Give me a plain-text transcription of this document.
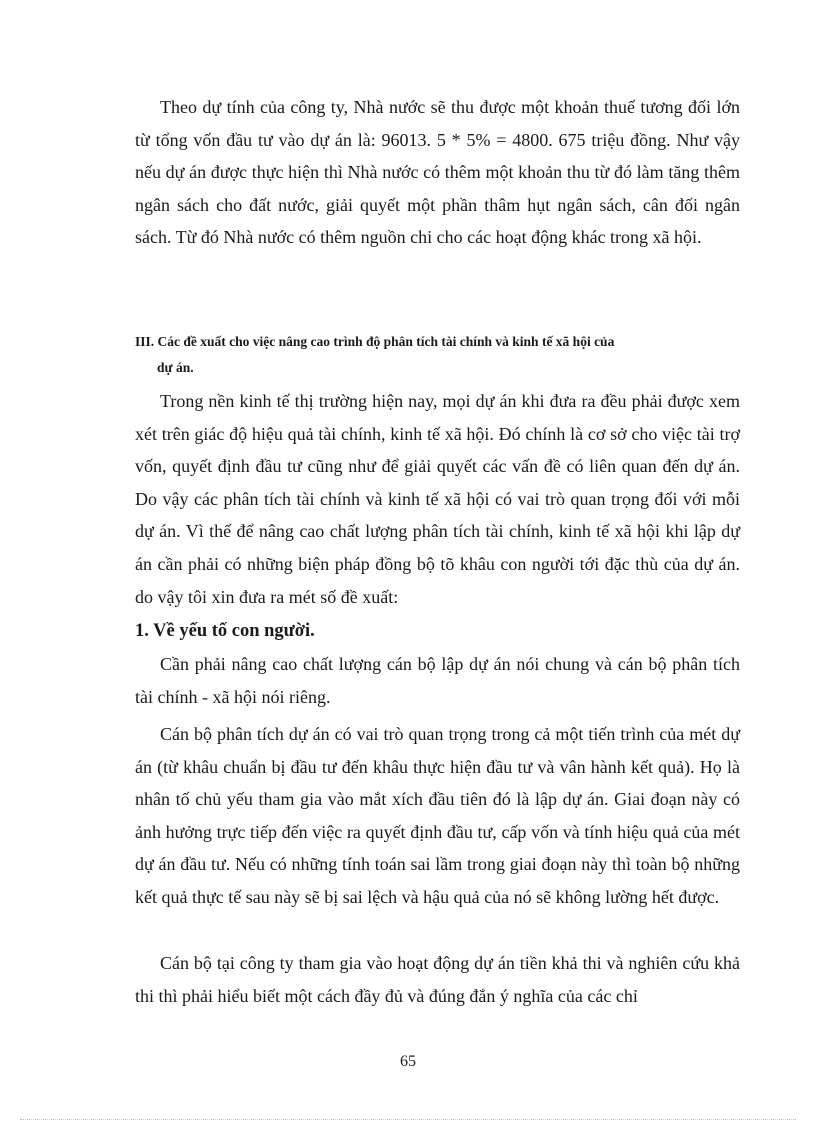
Theo dự tính của công ty, Nhà nước sẽ thu được một khoản thuế tương đối lớn từ tổng vốn đầu tư vào dự án là: 96013. 5 * 5% = 4800. 675 triệu đồng. Như vậy nếu dự án được thực hiện thì Nhà nước có thêm một khoản thu từ đó làm tăng thêm ngân sách cho đất nước, giải quyết một phần thâm hụt ngân sách, cân đối ngân sách. Từ đó Nhà nước có thêm nguồn chi cho các hoạt động khác trong xã hội.

III. Các đề xuất cho việc nâng cao trình độ phân tích tài chính và kinh tế xã hội của
dự án.

Trong nền kinh tế thị trường hiện nay, mọi dự án khi đưa ra đều phải được xem xét trên giác độ hiệu quả tài chính, kinh tế xã hội. Đó chính là cơ sở cho việc tài trợ vốn, quyết định đầu tư cũng như để giải quyết các vấn đề có liên quan đến dự án. Do vậy các phân tích tài chính và kinh tế xã hội có vai trò quan trọng đối với mỗi dự án. Vì thế để nâng cao chất lượng phân tích tài chính, kinh tế xã hội khi lập dự án cần phải có những biện pháp đồng bộ tõ khâu con người tới đặc thù của dự án. do vậy tôi xin đưa ra mét số đề xuất:

1. Về yếu tố con người.

Cần phải nâng cao chất lượng cán bộ lập dự án nói chung và cán bộ phân tích tài chính - xã hội nói riêng.

Cán bộ phân tích dự án có vai trò quan trọng trong cả một tiến trình của mét dự án (từ khâu chuẩn bị đầu tư đến khâu thực hiện đầu tư và vân hành kết quả). Họ là nhân tố chủ yếu tham gia vào mắt xích đầu tiên đó là lập dự án. Giai đoạn này có ảnh hưởng trực tiếp đến việc ra quyết định đầu tư, cấp vốn và tính hiệu quả của mét dự án đầu tư. Nếu có những tính toán sai lầm trong giai đoạn này thì toàn bộ những kết quả thực tế sau này sẽ bị sai lệch và hậu quả của nó sẽ không lường hết được.

Cán bộ tại công ty tham gia vào hoạt động dự án tiền khả thi và nghiên cứu khả thi thì phải hiểu biết một cách đầy đủ và đúng đắn ý nghĩa của các chỉ

65
